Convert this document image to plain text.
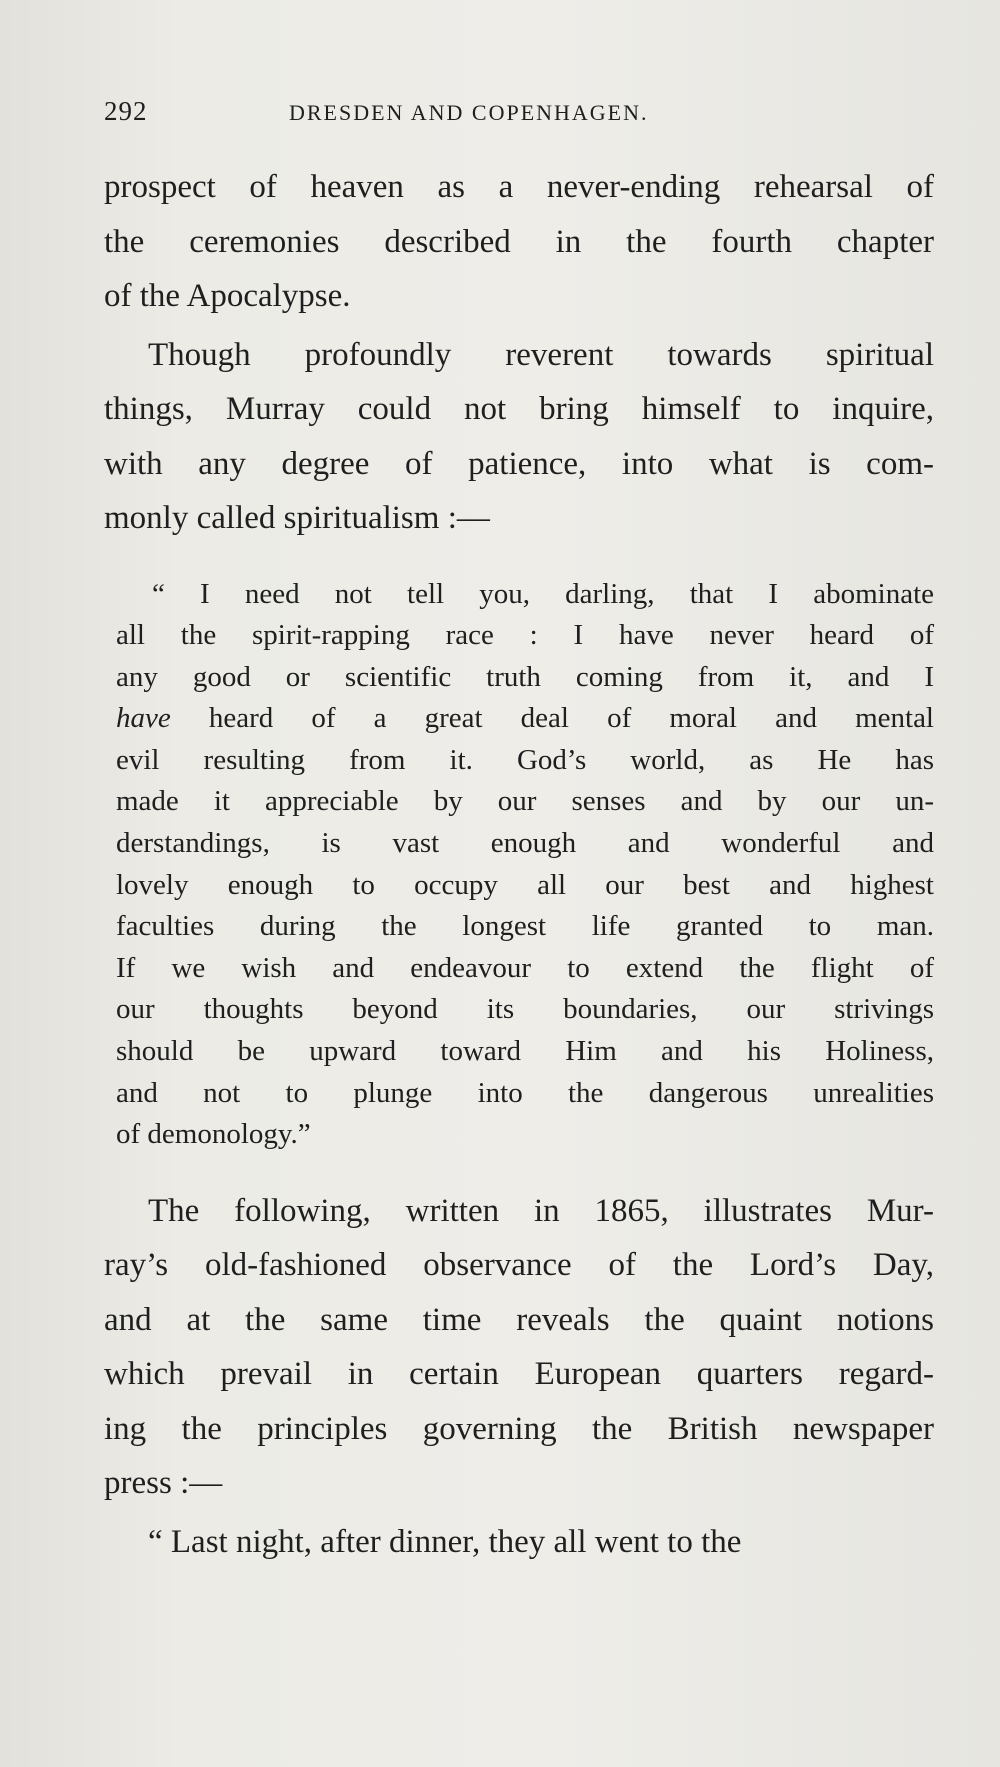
292	DRESDEN AND COPENHAGEN.
prospect of heaven as a never-ending rehearsal of
the ceremonies described in the fourth chapter
of the Apocalypse.
Though profoundly reverent towards spiritual
things, Murray could not bring himself to inquire,
with any degree of patience, into what is com-
monly called spiritualism :—
“ I need not tell you, darling, that I abominate
all the spirit-rapping race : I have never heard of
any good or scientific truth coming from it, and I
have heard of a great deal of moral and mental
evil resulting from it. God’s world, as He has
made it appreciable by our senses and by our un-
derstandings, is vast enough and wonderful and
lovely enough to occupy all our best and highest
faculties during the longest life granted to man.
If we wish and endeavour to extend the flight of
our thoughts beyond its boundaries, our strivings
should be upward toward Him and his Holiness,
and not to plunge into the dangerous unrealities
of demonology.”
The following, written in 1865, illustrates Mur-
ray’s old-fashioned observance of the Lord’s Day,
and at the same time reveals the quaint notions
which prevail in certain European quarters regard-
ing the principles governing the British newspaper
press :—
“ Last night, after dinner, they all went to the
